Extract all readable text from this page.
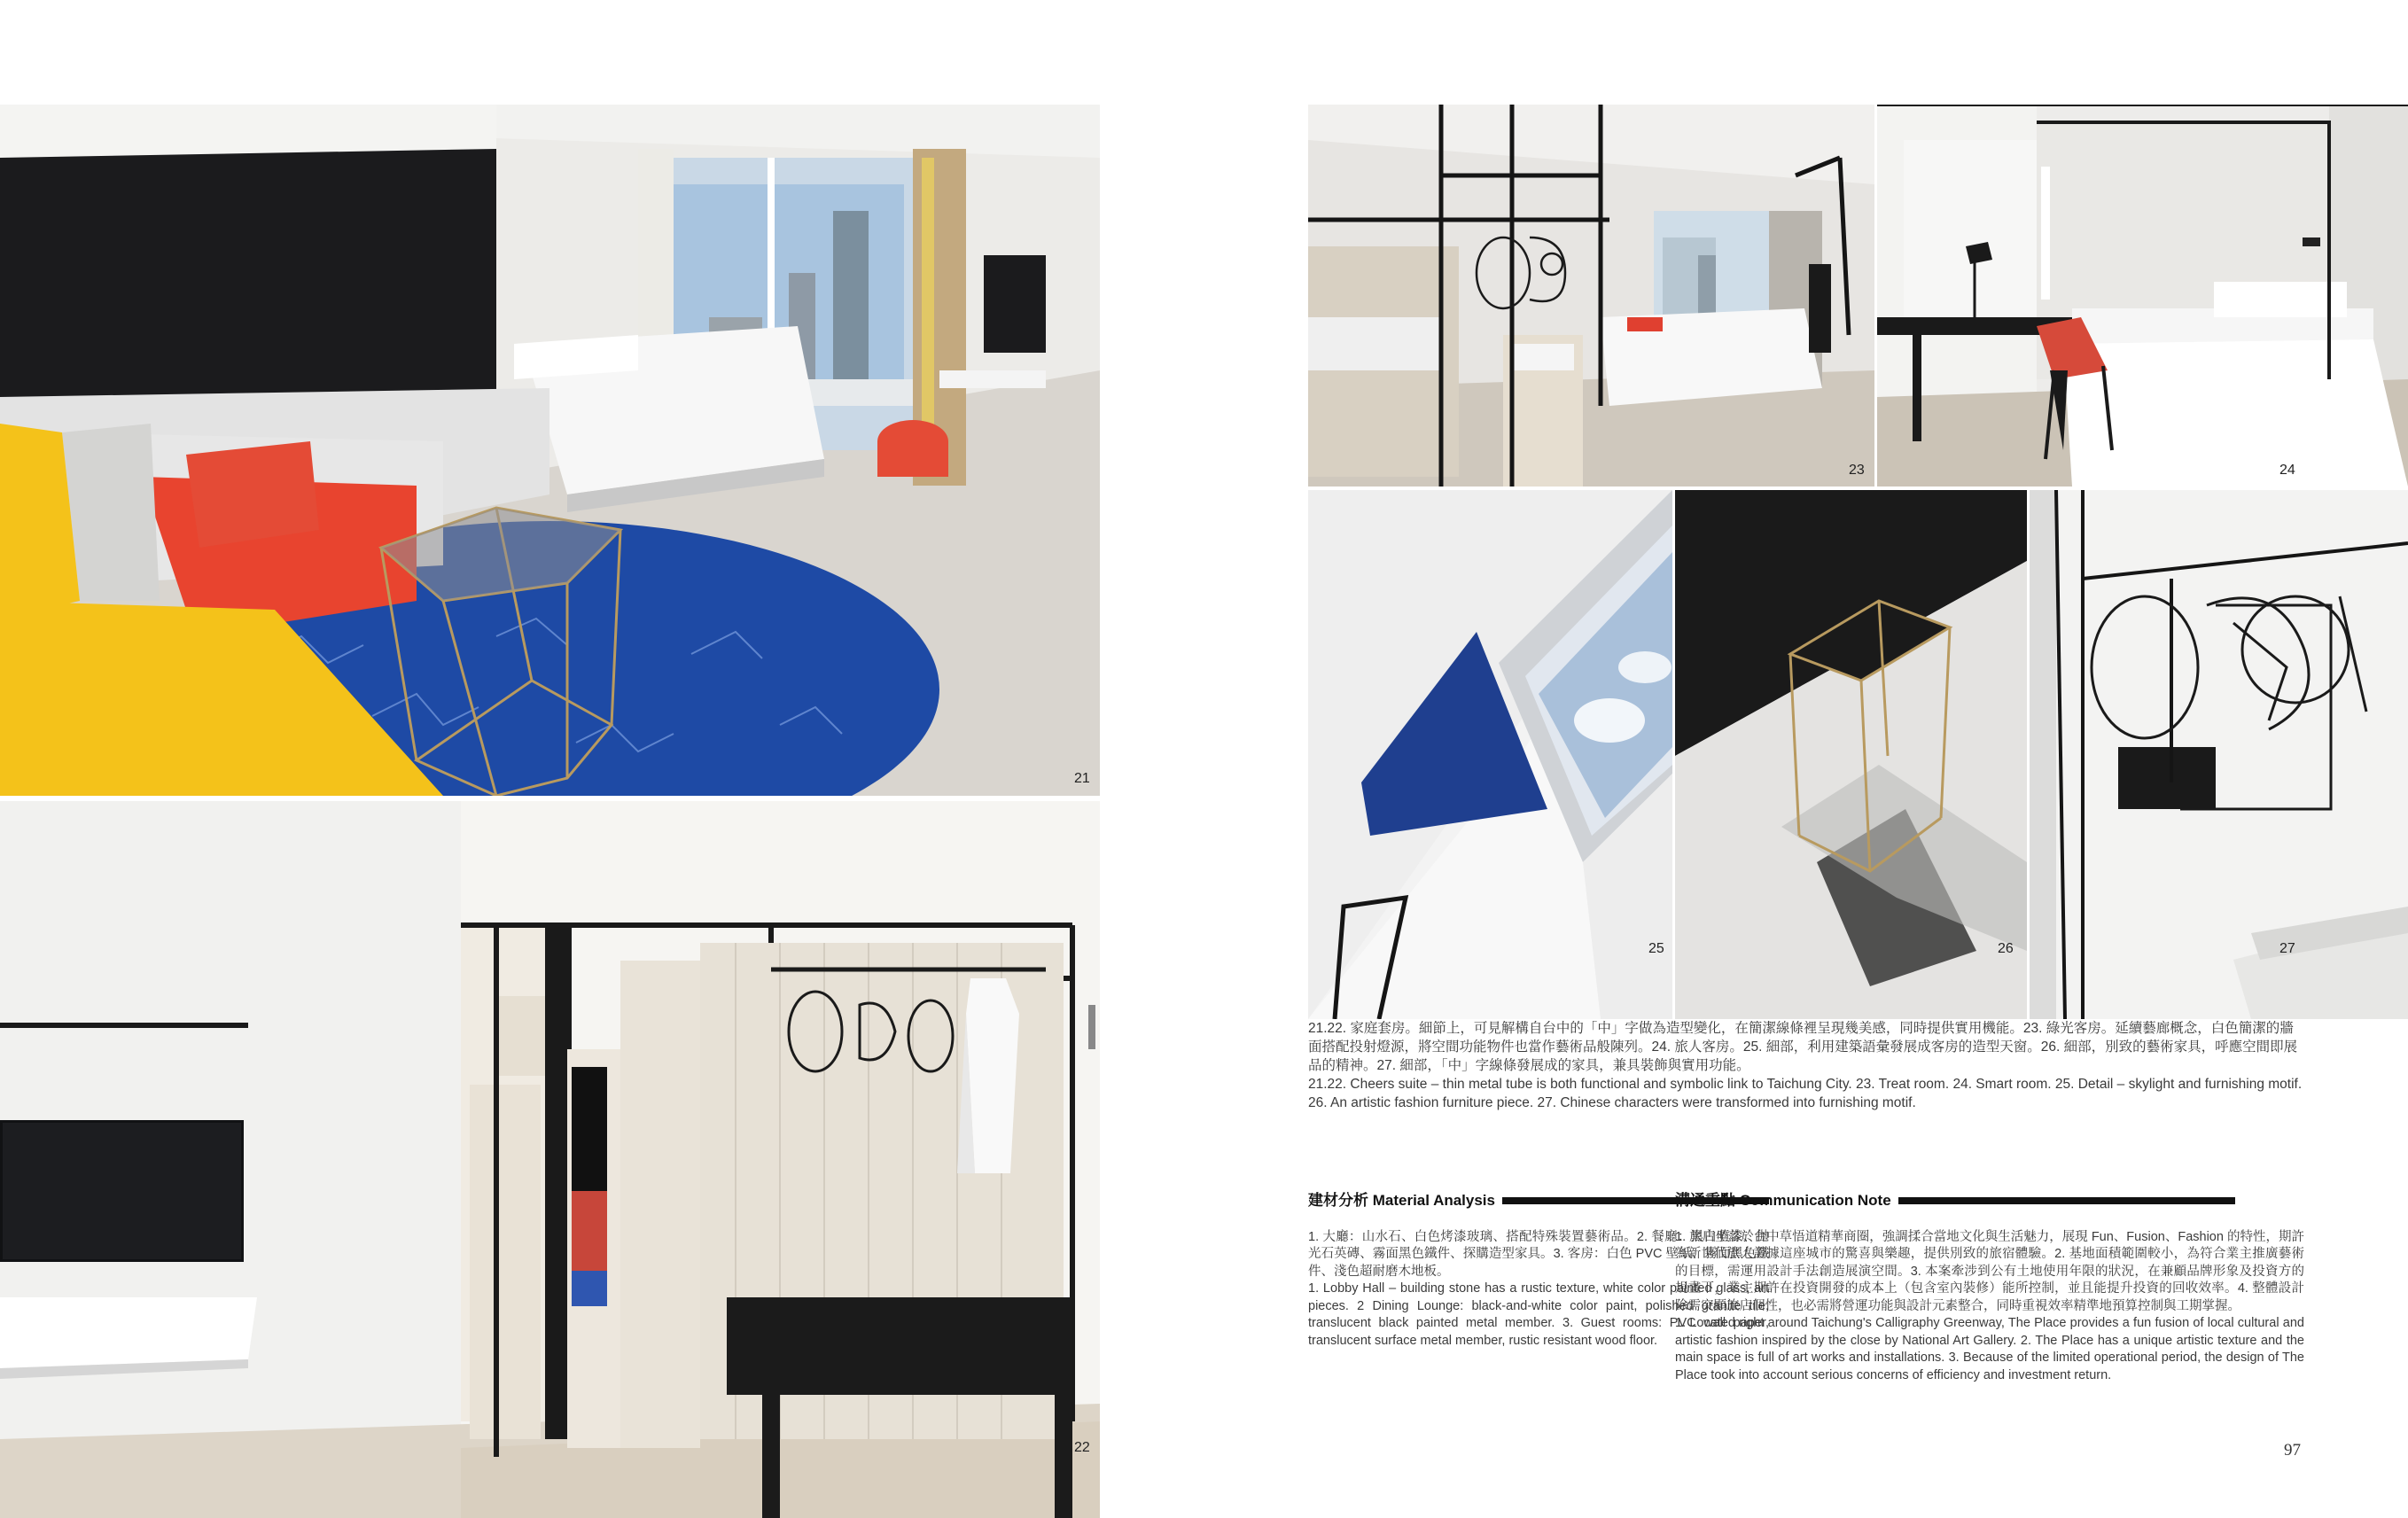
21
22
23	24
25	26	27

21.22. 家庭套房。細節上，可見解構自台中的「中」字做為造型變化，在簡潔線條裡呈現幾美感，同時提供實用機能。23. 綠光客房。延續藝廊概念，白色簡潔的牆面搭配投射燈源，將空間功能物件也當作藝術品般陳列。24. 旅人客房。25. 細部，利用建築語彙發展成客房的造型天窗。26. 細部，別致的藝術家具，呼應空間即展品的精神。27. 細部，「中」字線條發展成的家具，兼具裝飾與實用功能。

21.22. Cheers suite – thin metal tube is both functional and symbolic link to Taichung City. 23. Treat room. 24. Smart room. 25. Detail – skylight and furnishing motif. 26. An artistic fashion furniture piece. 27. Chinese characters were transformed into furnishing motif.

建材分析 Material Analysis

1. 大廳：山水石、白色烤漆玻璃、搭配特殊裝置藝術品。2. 餐廳：黑白噴漆、拋光石英磚、霧面黑色鐵件、探購造型家具。3. 客房：白色 PVC 壁紙、霧面黑色鐵件、淺色超耐磨木地板。

1. Lobby Hall – building stone has a rustic texture, white color painted glass, art pieces. 2 Dining Lounge: black-and-white color paint, polished granite tile, translucent black painted metal member. 3. Guest rooms: PVC wall paper, translucent surface metal member, rustic resistant wood floor.

溝通重點 Communication Note

1. 旅店坐落於台中草悟道精華商圈，強調揉合當地文化與生活魅力，展現 Fun、Fusion、Fashion 的特性，期許為新世代旅人證據這座城市的驚喜與樂趣，提供別致的旅宿體驗。2. 基地面積範圍較小，為符合業主推廣藝術的目標，需運用設計手法創造展演空間。3. 本案牽涉到公有土地使用年限的狀況，在兼顧品牌形象及投資方的規畫下，業主期許在投資開發的成本上（包含室內裝修）能所控制，並且能提升投資的回收效率。4. 整體設計除需突顯旅店個性，也必需將營運功能與設計元素整合，同時重視效率精準地預算控制與工期掌握。

1. Located right around Taichung's Calligraphy Greenway, The Place provides a fun fusion of local cultural and artistic fashion inspired by the close by National Art Gallery. 2. The Place has a unique artistic texture and the main space is full of art works and installations. 3. Because of the limited operational period, the design of The Place took into account serious concerns of efficiency and investment return.

97
